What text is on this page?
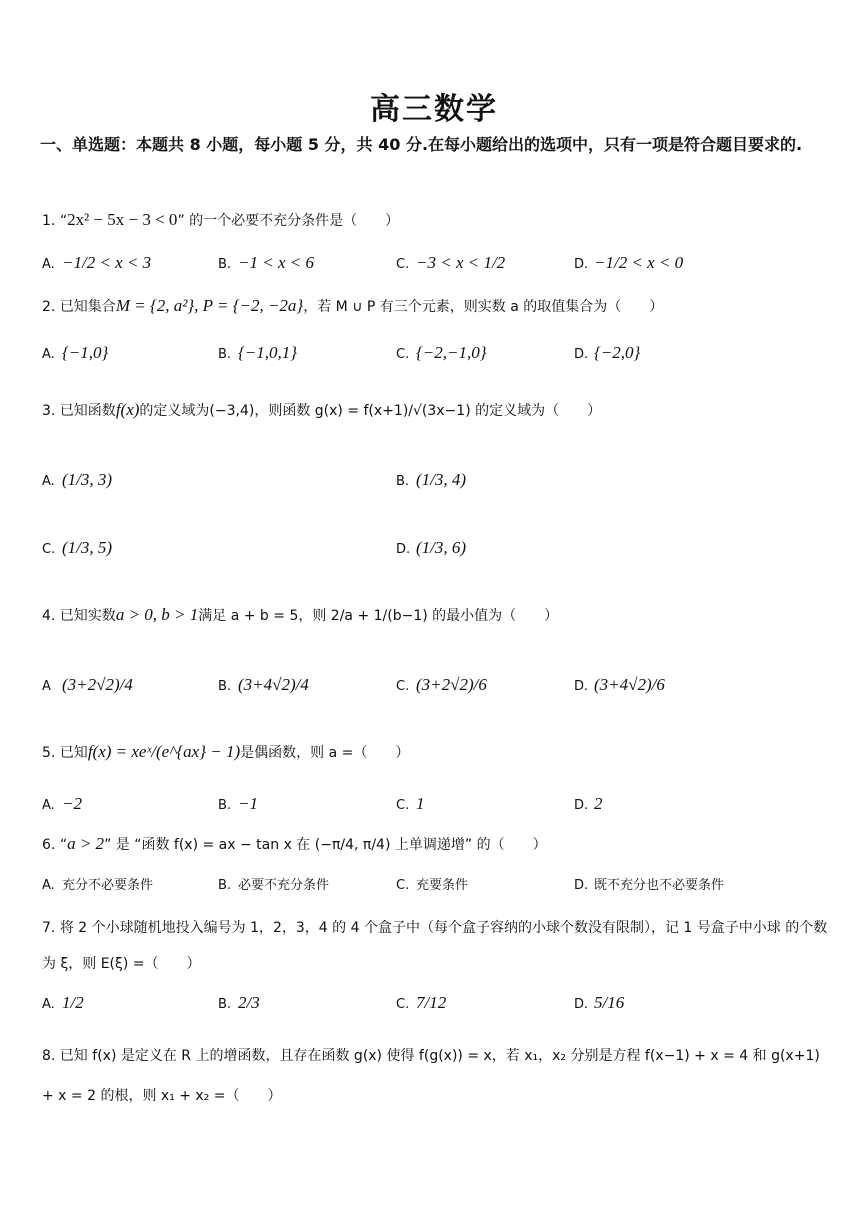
高三数学
一、单选题：本题共 8 小题，每小题 5 分，共 40 分.在每小题给出的选项中，只有一项是符合题目要求的.
1. “2x² − 5x − 3 < 0” 的一个必要不充分条件是（　　）
A. −1/2 < x < 3	B. −1 < x < 6	C. −3 < x < 1/2	D. −1/2 < x < 0
2. 已知集合M = {2, a²}, P = {−2, −2a}，若 M ∪ P 有三个元素，则实数 a 的取值集合为（　　）
A. {−1,0}	B. {−1,0,1}	C. {−2,−1,0}	D. {−2,0}
3. 已知函数f(x)的定义域为(−3,4)，则函数 g(x) = f(x+1)/√(3x−1) 的定义域为（　　）
A. (1/3, 3)	B. (1/3, 4)
C. (1/3, 5)	D. (1/3, 6)
4. 已知实数a > 0, b > 1满足 a + b = 5，则 2/a + 1/(b−1) 的最小值为（　　）
A (3+2√2)/4	B. (3+4√2)/4	C. (3+2√2)/6	D. (3+4√2)/6
5. 已知f(x) = xeˣ/(e^{ax} − 1)是偶函数，则 a =（　　）
A. −2	B. −1	C. 1	D. 2
6. “a > 2” 是 “函数 f(x) = ax − tan x 在 (−π/4, π/4) 上单调递增” 的（　　）
A. 充分不必要条件	B. 必要不充分条件	C. 充要条件	D. 既不充分也不必要条件
7. 将 2 个小球随机地投入编号为 1，2，3，4 的 4 个盒子中（每个盒子容纳的小球个数没有限制），记 1 号盒子中小球 的个数为 ξ，则 E(ξ) =（　　）
A. 1/2	B. 2/3	C. 7/12	D. 5/16
8. 已知 f(x) 是定义在 R 上的增函数，且存在函数 g(x) 使得 f(g(x)) = x，若 x₁，x₂ 分别是方程 f(x−1) + x = 4 和 g(x+1) + x = 2 的根，则 x₁ + x₂ =（　　）
